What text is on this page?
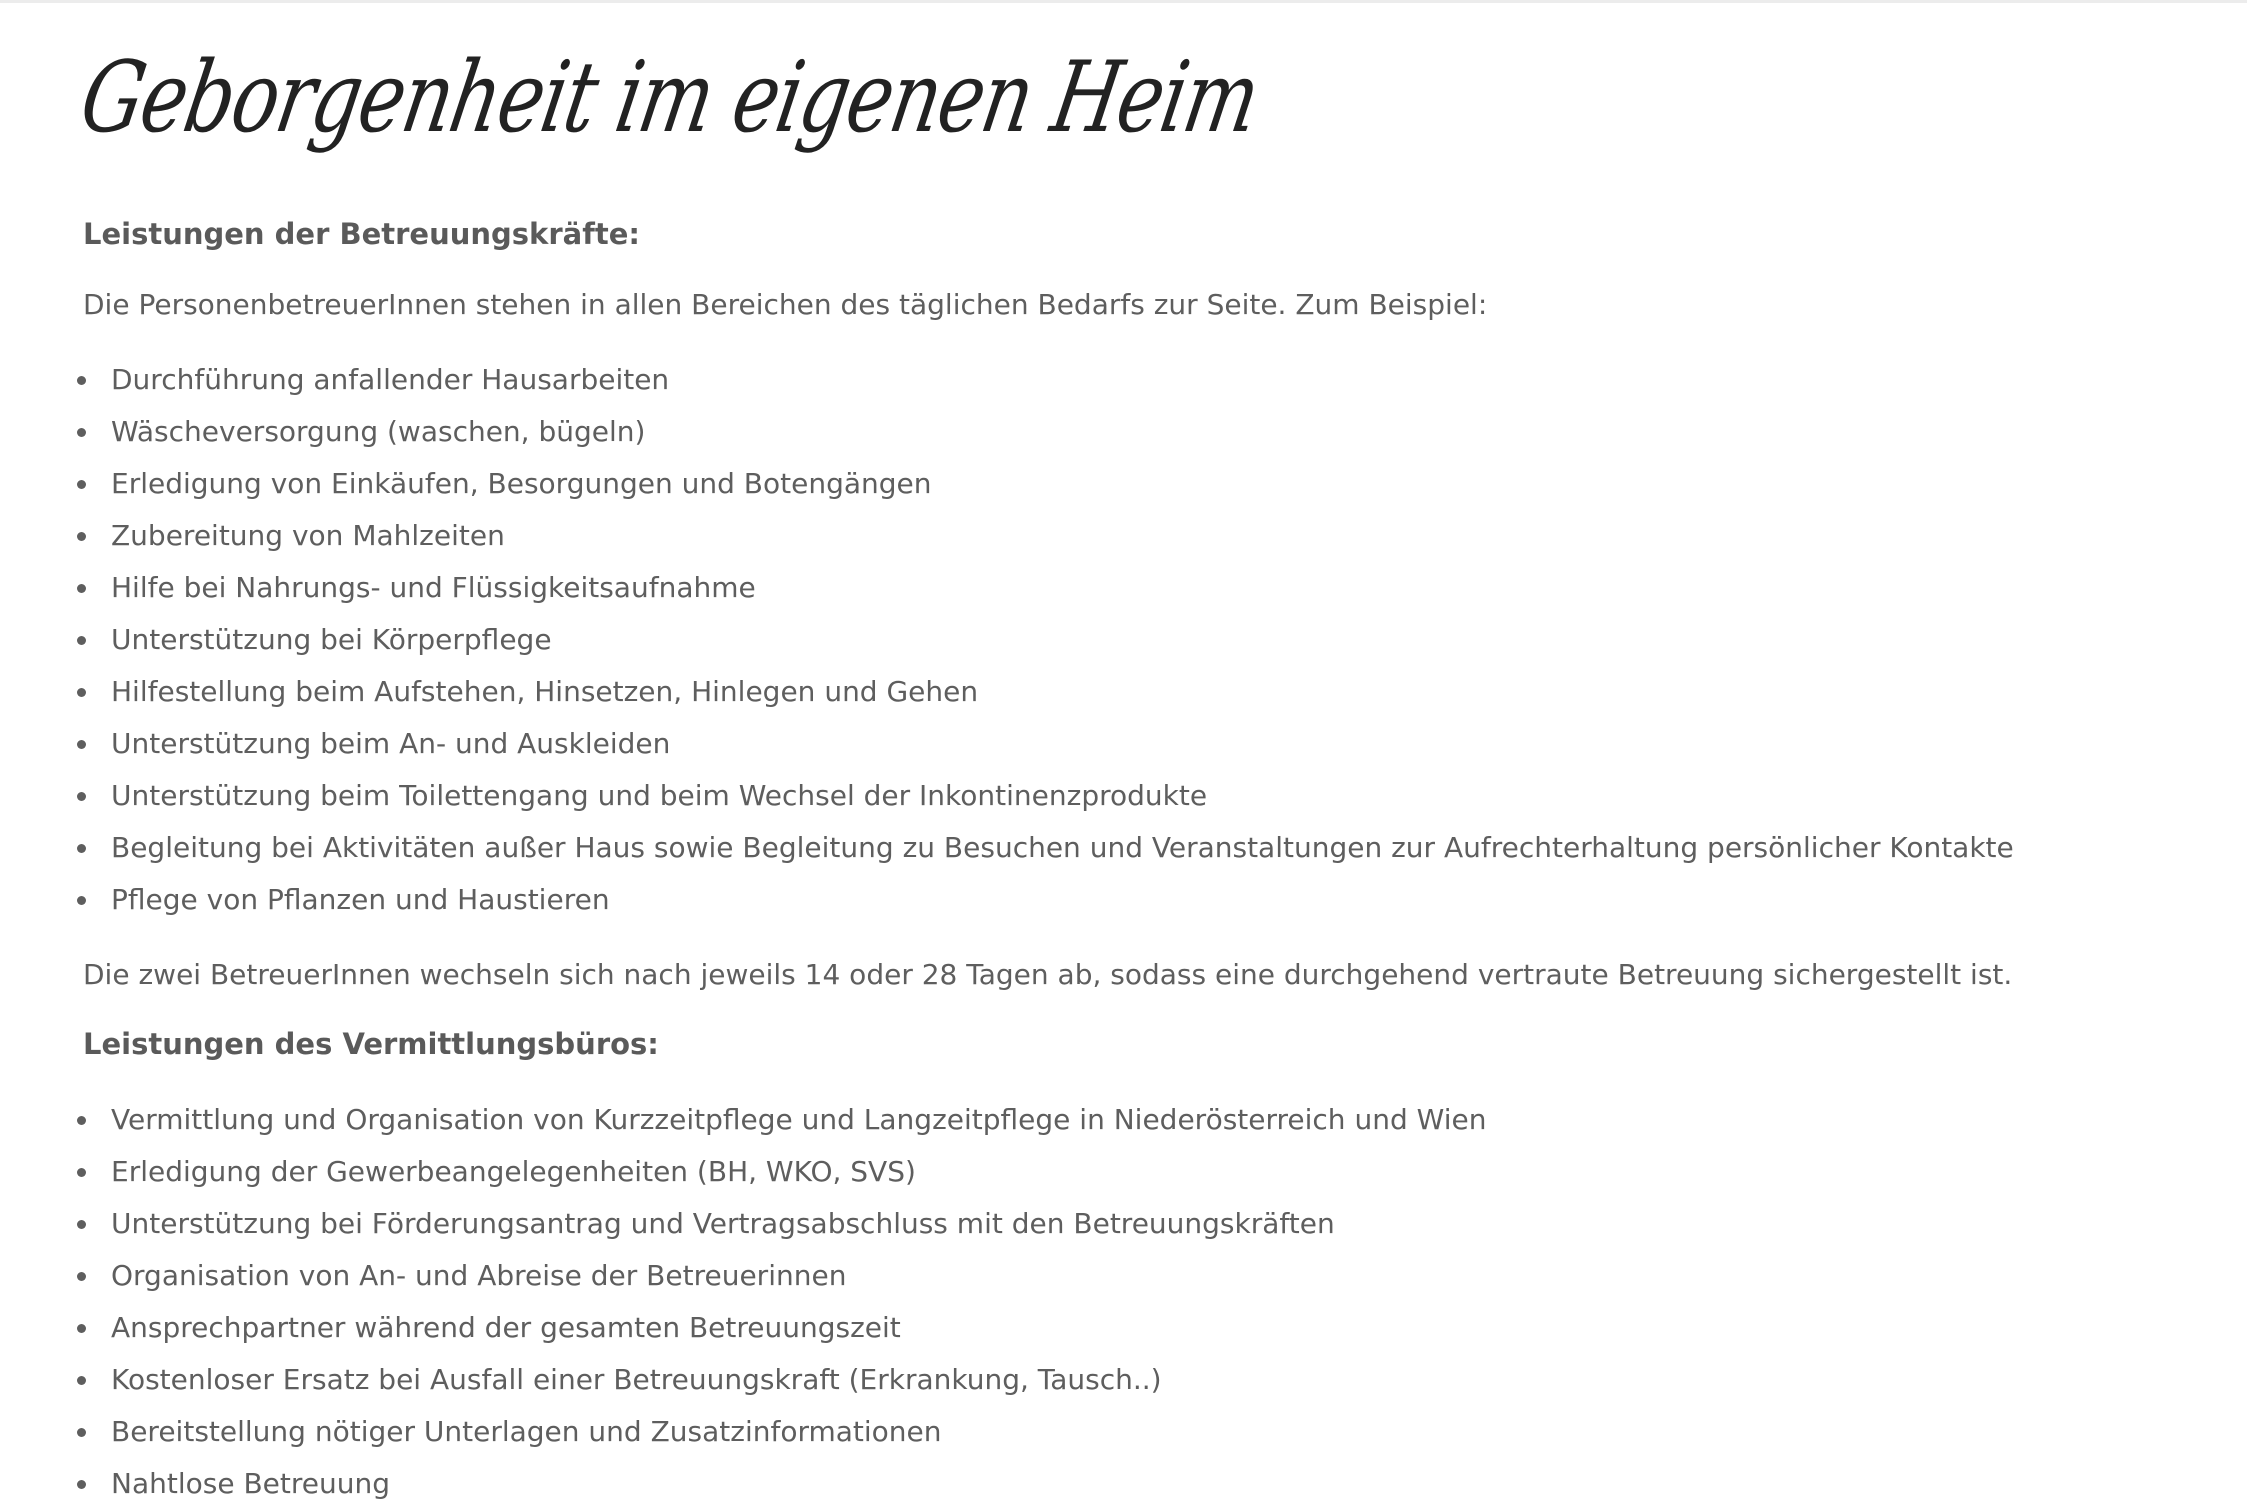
Geborgenheit im eigenen Heim

Leistungen der Betreuungskräfte:

Die PersonenbetreuerInnen stehen in allen Bereichen des täglichen Bedarfs zur Seite. Zum Beispiel:

Durchführung anfallender Hausarbeiten
Wäscheversorgung (waschen, bügeln)
Erledigung von Einkäufen, Besorgungen und Botengängen
Zubereitung von Mahlzeiten
Hilfe bei Nahrungs- und Flüssigkeitsaufnahme
Unterstützung bei Körperpflege
Hilfestellung beim Aufstehen, Hinsetzen, Hinlegen und Gehen
Unterstützung beim An- und Auskleiden
Unterstützung beim Toilettengang und beim Wechsel der Inkontinenzprodukte
Begleitung bei Aktivitäten außer Haus sowie Begleitung zu Besuchen und Veranstaltungen zur Aufrechterhaltung persönlicher Kontakte
Pflege von Pflanzen und Haustieren

Die zwei BetreuerInnen wechseln sich nach jeweils 14 oder 28 Tagen ab, sodass eine durchgehend vertraute Betreuung sichergestellt ist.

Leistungen des Vermittlungsbüros:

Vermittlung und Organisation von Kurzzeitpflege und Langzeitpflege in Niederösterreich und Wien
Erledigung der Gewerbeangelegenheiten (BH, WKO, SVS)
Unterstützung bei Förderungsantrag und Vertragsabschluss mit den Betreuungskräften
Organisation von An- und Abreise der Betreuerinnen
Ansprechpartner während der gesamten Betreuungszeit
Kostenloser Ersatz bei Ausfall einer Betreuungskraft (Erkrankung, Tausch..)
Bereitstellung nötiger Unterlagen und Zusatzinformationen
Nahtlose Betreuung
